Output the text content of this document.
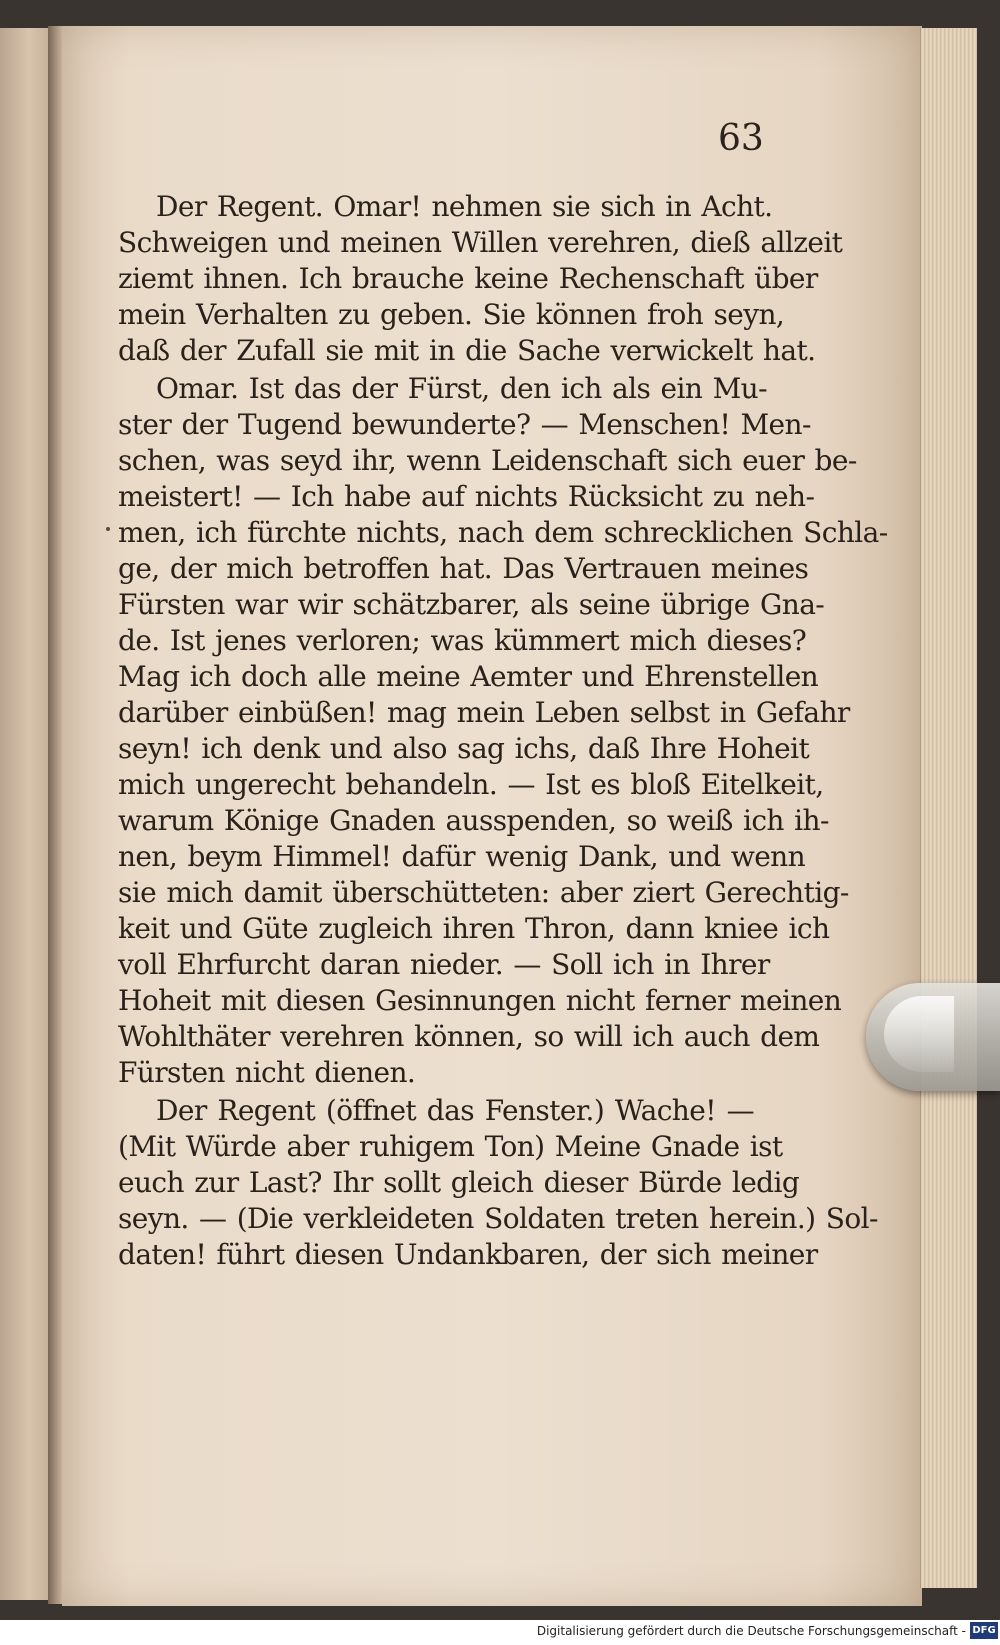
63
Der Regent. Omar! nehmen sie sich in Acht.
Schweigen und meinen Willen verehren, dieß allzeit
ziemt ihnen. Ich brauche keine Rechenschaft über
mein Verhalten zu geben. Sie können froh seyn,
daß der Zufall sie mit in die Sache verwickelt hat.
Omar. Ist das der Fürst, den ich als ein Mu-
ster der Tugend bewunderte? — Menschen! Men-
schen, was seyd ihr, wenn Leidenschaft sich euer be-
meistert! — Ich habe auf nichts Rücksicht zu neh-
men, ich fürchte nichts, nach dem schrecklichen Schla-
ge, der mich betroffen hat. Das Vertrauen meines
Fürsten war wir schätzbarer, als seine übrige Gna-
de. Ist jenes verloren; was kümmert mich dieses?
Mag ich doch alle meine Aemter und Ehrenstellen
darüber einbüßen! mag mein Leben selbst in Gefahr
seyn! ich denk und also sag ichs, daß Ihre Hoheit
mich ungerecht behandeln. — Ist es bloß Eitelkeit,
warum Könige Gnaden ausspenden, so weiß ich ih-
nen, beym Himmel! dafür wenig Dank, und wenn
sie mich damit überschütteten: aber ziert Gerechtig-
keit und Güte zugleich ihren Thron, dann kniee ich
voll Ehrfurcht daran nieder. — Soll ich in Ihrer
Hoheit mit diesen Gesinnungen nicht ferner meinen
Wohlthäter verehren können, so will ich auch dem
Fürsten nicht dienen.
Der Regent (öffnet das Fenster.) Wache! —
(Mit Würde aber ruhigem Ton) Meine Gnade ist
euch zur Last? Ihr sollt gleich dieser Bürde ledig
seyn. — (Die verkleideten Soldaten treten herein.) Sol-
daten! führt diesen Undankbaren, der sich meiner
Digitalisierung gefördert durch die Deutsche Forschungsgemeinschaft - DFG
